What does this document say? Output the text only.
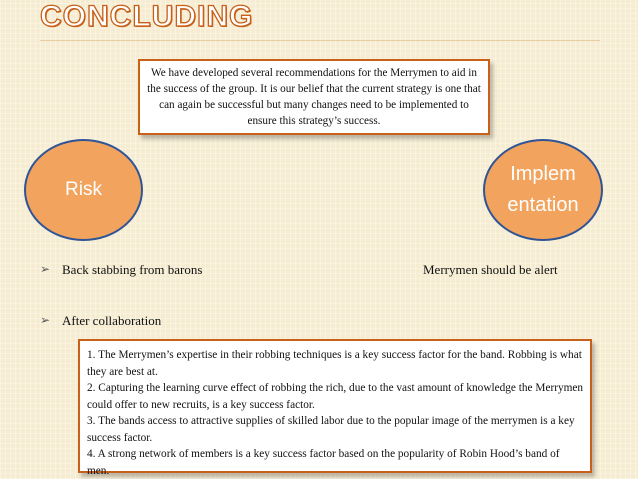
CONCLUDING
We have developed several recommendations for the Merrymen to aid in the success of the group. It is our belief that the current strategy is one that can again be successful but many changes need to be implemented to ensure this strategy’s success.
Risk
Implem entation
➢ Back stabbing from barons	Merrymen should be alert
➢ After collaboration

1. The Merrymen’s expertise in their robbing techniques is a key success factor for the band. Robbing is what they are best at.

2. Capturing the learning curve effect of robbing the rich, due to the vast amount of knowledge the Merrymen could offer to new recruits, is a key success factor.

3. The bands access to attractive supplies of skilled labor due to the popular image of the merrymen is a key success factor.

4. A strong network of members is a key success factor based on the popularity of Robin Hood’s band of men.
